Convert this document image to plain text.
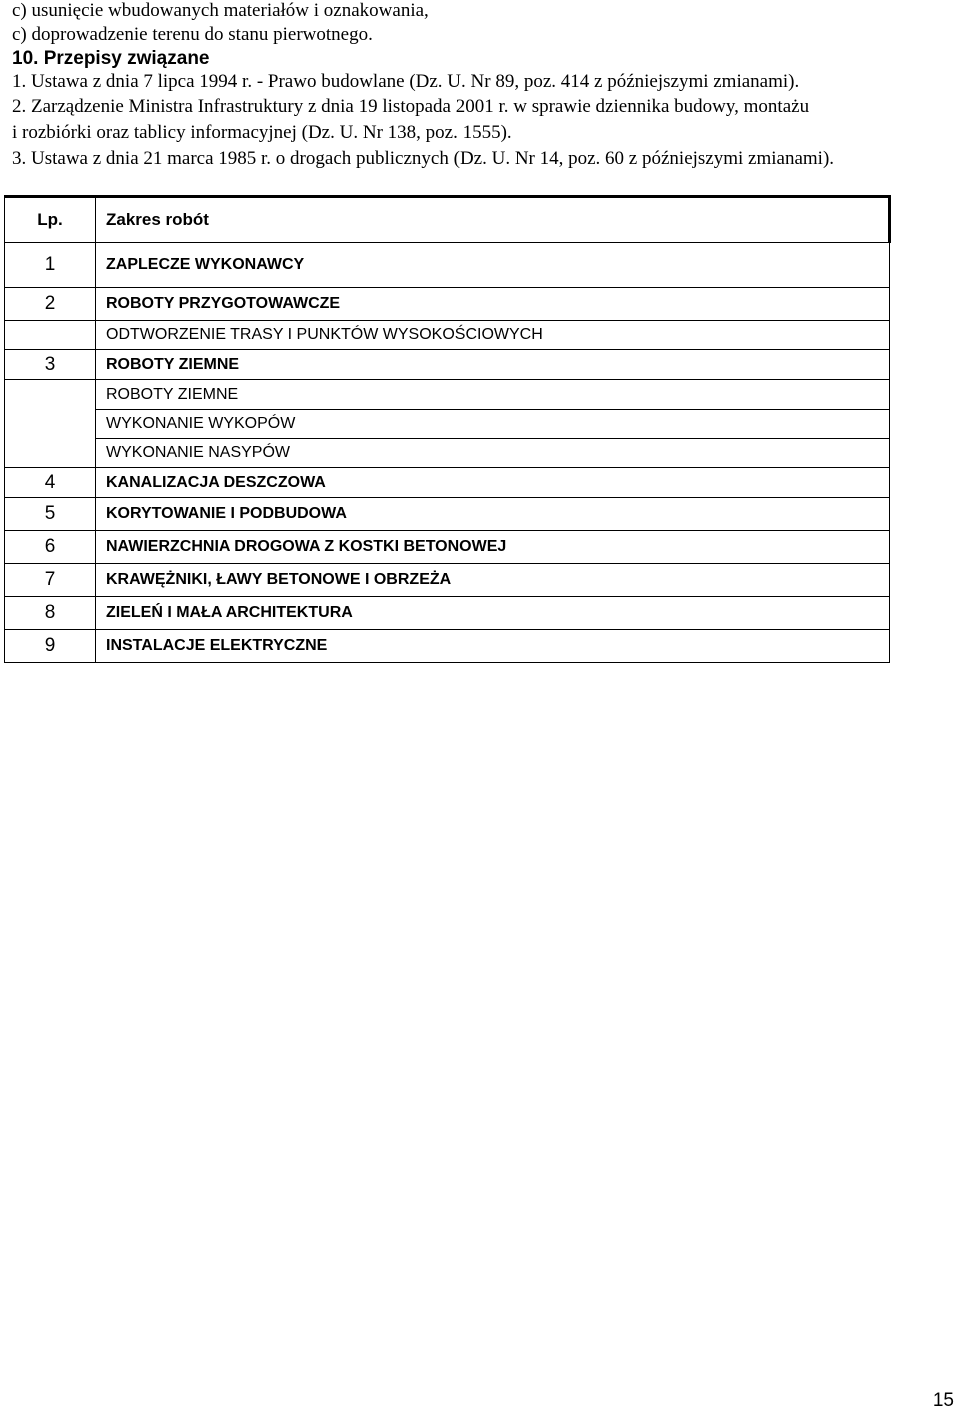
c) usunięcie wbudowanych materiałów i oznakowania,
c) doprowadzenie terenu do stanu pierwotnego.
10. Przepisy związane
1. Ustawa z dnia 7 lipca 1994 r. - Prawo budowlane (Dz. U. Nr 89, poz. 414 z późniejszymi zmianami).
2. Zarządzenie Ministra Infrastruktury z dnia 19 listopada 2001 r. w sprawie dziennika budowy, montażu
i rozbiórki oraz tablicy informacyjnej (Dz. U. Nr 138, poz. 1555).
3. Ustawa z dnia 21 marca 1985 r. o drogach publicznych (Dz. U. Nr 14, poz. 60 z późniejszymi zmianami).
Lp.	Zakres robót
1	ZAPLECZE WYKONAWCY
2	ROBOTY PRZYGOTOWAWCZE
	ODTWORZENIE TRASY I PUNKTÓW WYSOKOŚCIOWYCH
3	ROBOTY ZIEMNE
	ROBOTY ZIEMNE
	WYKONANIE WYKOPÓW
	WYKONANIE NASYPÓW
4	KANALIZACJA DESZCZOWA
5	KORYTOWANIE I PODBUDOWA
6	NAWIERZCHNIA DROGOWA Z KOSTKI BETONOWEJ
7	KRAWĘŻNIKI, ŁAWY BETONOWE I OBRZEŻA
8	ZIELEŃ I MAŁA ARCHITEKTURA
9	INSTALACJE ELEKTRYCZNE
15
